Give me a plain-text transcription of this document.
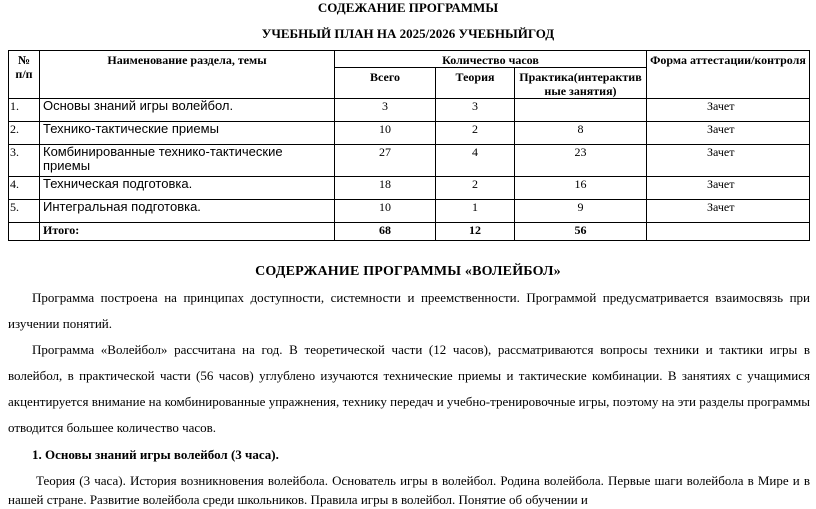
СОДЕЖАНИЕ ПРОГРАММЫ
УЧЕБНЫЙ ПЛАН НА 2025/2026 УЧЕБНЫЙГОД
№ п/п	Наименование раздела, темы	Количество часов			Форма аттестации/контроля
		Всего	Теория	Практика(интерактивные занятия)	
1.	Основы знаний игры волейбол.	3	3		Зачет
2.	Технико-тактические приемы	10	2	8	Зачет
3.	Комбинированные технико-тактические приемы	27	4	23	Зачет
4.	Техническая подготовка.	18	2	16	Зачет
5.	Интегральная подготовка.	10	1	9	Зачет
	Итого:	68	12	56	
СОДЕРЖАНИЕ ПРОГРАММЫ «ВОЛЕЙБОЛ»

Программа построена на принципах доступности, системности и преемственности. Программой предусматривается взаимосвязь при изучении понятий.

Программа «Волейбол» рассчитана на год. В теоретической части (12 часов), рассматриваются вопросы техники и тактики игры в волейбол, в практической части (56 часов) углублено изучаются технические приемы и тактические комбинации. В занятиях с учащимися акцентируется внимание на комбинированные упражнения, технику передач и учебно-тренировочные игры, поэтому на эти разделы программы отводится большее количество часов.

1. Основы знаний игры волейбол (3 часа).

Теория (3 часа). История возникновения волейбола. Основатель игры в волейбол. Родина волейбола. Первые шаги волейбола в Мире и в нашей стране. Развитие волейбола среди школьников. Правила игры в волейбол. Понятие об обучении и
